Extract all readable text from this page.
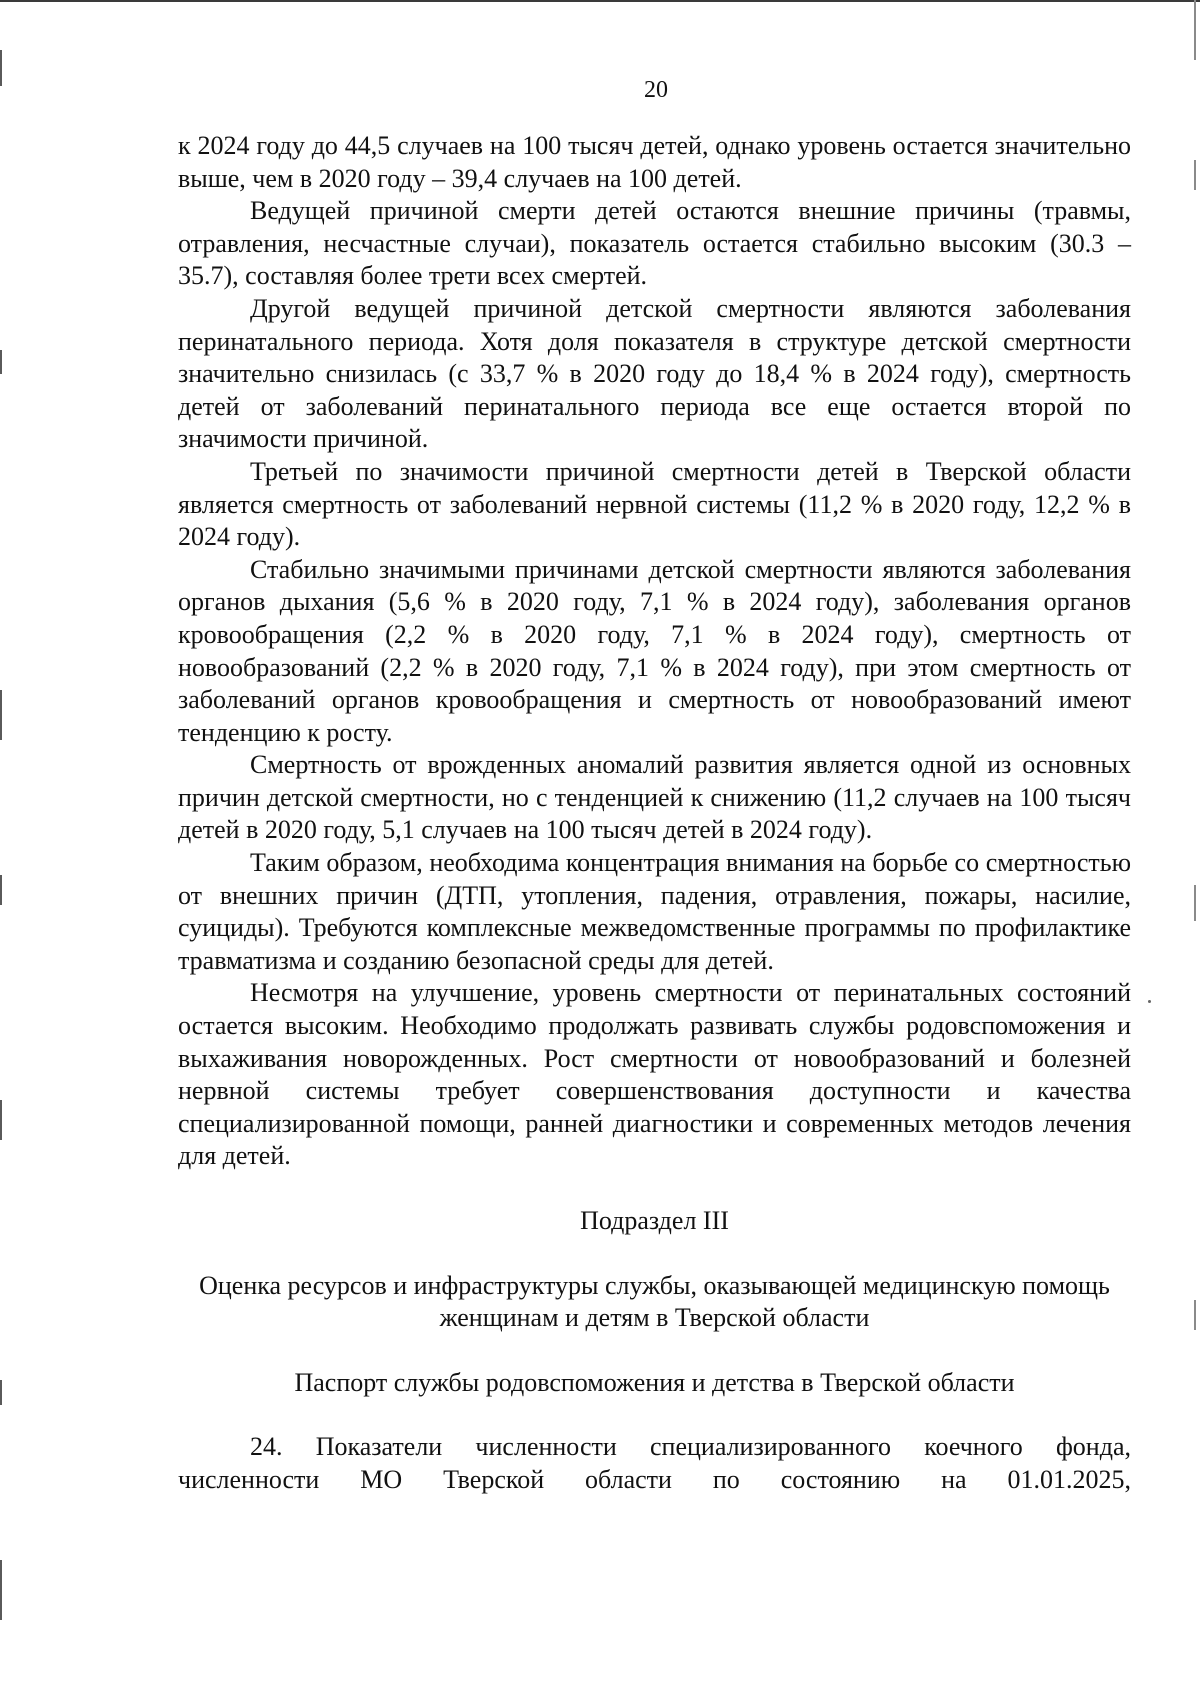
20

к 2024 году до 44,5 случаев на 100 тысяч детей, однако уровень остается значительно выше, чем в 2020 году – 39,4 случаев на 100 детей.

Ведущей причиной смерти детей остаются внешние причины (травмы, отравления, несчастные случаи), показатель остается стабильно высоким (30.3 – 35.7), составляя более трети всех смертей.

Другой ведущей причиной детской смертности являются заболевания перинатального периода. Хотя доля показателя в структуре детской смертности значительно снизилась (с 33,7 % в 2020 году до 18,4 % в 2024 году), смертность детей от заболеваний перинатального периода все еще остается второй по значимости причиной.

Третьей по значимости причиной смертности детей в Тверской области является смертность от заболеваний нервной системы (11,2 % в 2020 году, 12,2 % в 2024 году).

Стабильно значимыми причинами детской смертности являются заболевания органов дыхания (5,6 % в 2020 году, 7,1 % в 2024 году), заболевания органов кровообращения (2,2 % в 2020 году, 7,1 % в 2024 году), смертность от новообразований (2,2 % в 2020 году, 7,1 % в 2024 году), при этом смертность от заболеваний органов кровообращения и смертность от новообразований имеют тенденцию к росту.

Смертность от врожденных аномалий развития является одной из основных причин детской смертности, но с тенденцией к снижению (11,2 случаев на 100 тысяч детей в 2020 году, 5,1 случаев на 100 тысяч детей в 2024 году).

Таким образом, необходима концентрация внимания на борьбе со смертностью от внешних причин (ДТП, утопления, падения, отравления, пожары, насилие, суициды). Требуются комплексные межведомственные программы по профилактике травматизма и созданию безопасной среды для детей.

Несмотря на улучшение, уровень смертности от перинатальных состояний остается высоким. Необходимо продолжать развивать службы родовспоможения и выхаживания новорожденных. Рост смертности от новообразований и болезней нервной системы требует совершенствования доступности и качества специализированной помощи, ранней диагностики и современных методов лечения для детей.

Подраздел III

Оценка ресурсов и инфраструктуры службы, оказывающей медицинскую помощь женщинам и детям в Тверской области

Паспорт службы родовспоможения и детства в Тверской области

24. Показатели численности специализированного коечного фонда, численности МО Тверской области по состоянию на 01.01.2025,
